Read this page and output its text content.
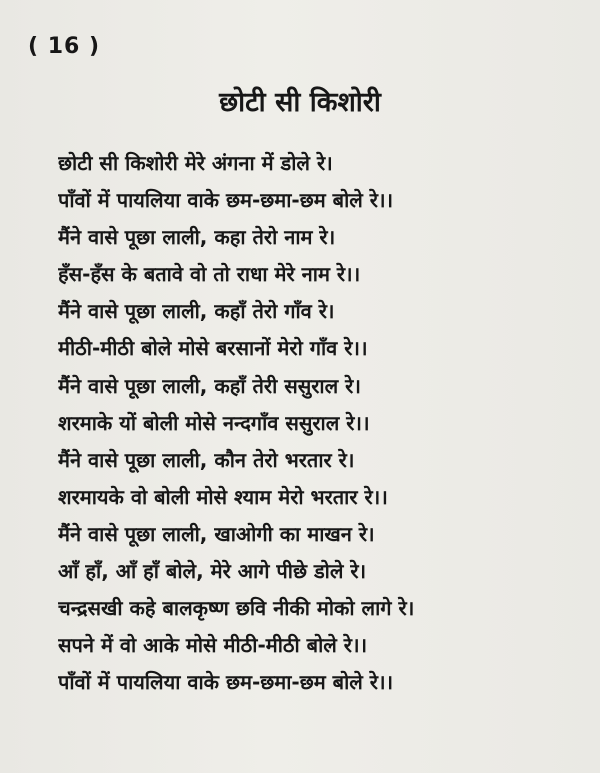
( 16 )
छोटी सी किशोरी
छोटी सी किशोरी मेरे अंगना में डोले रे।
पाँवों में पायलिया वाके छम-छमा-छम बोले रे।।
मैंने वासे पूछा लाली, कहा तेरो नाम रे।
हँस-हँस के बतावे वो तो राधा मेरे नाम रे।।
मैंने वासे पूछा लाली, कहाँ तेरो गाँव रे।
मीठी-मीठी बोले मोसे बरसानों मेरो गाँव रे।।
मैंने वासे पूछा लाली, कहाँ तेरी ससुराल रे।
शरमाके यों बोली मोसे नन्दगाँव ससुराल रे।।
मैंने वासे पूछा लाली, कौन तेरो भरतार रे।
शरमायके वो बोली मोसे श्याम मेरो भरतार रे।।
मैंने वासे पूछा लाली, खाओगी का माखन रे।
आँ हाँ, आँ हाँ बोले, मेरे आगे पीछे डोले रे।
चन्द्रसखी कहे बालकृष्ण छवि नीकी मोको लागे रे।
सपने में वो आके मोसे मीठी-मीठी बोले रे।।
पाँवों में पायलिया वाके छम-छमा-छम बोले रे।।
